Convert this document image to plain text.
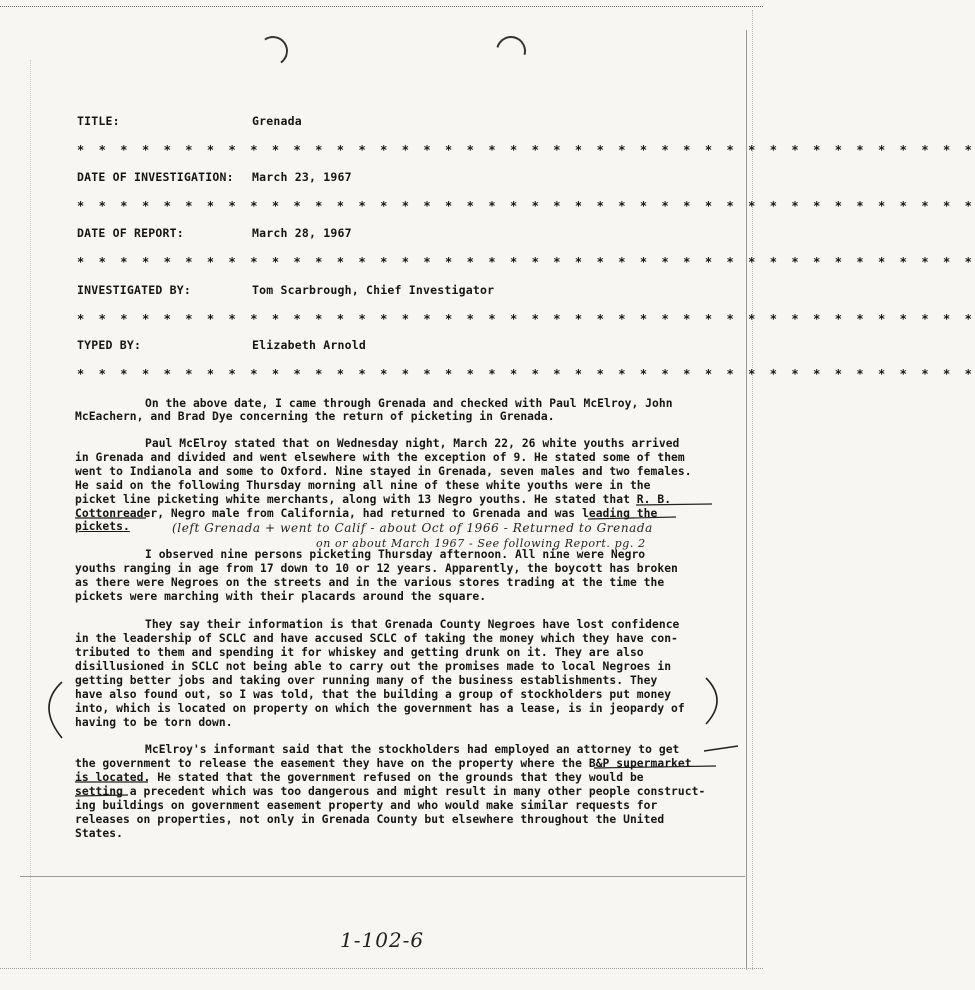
TITLE:	Grenada
* * * * * * * * * * * * * * * * * * * * * * * * * * * * * * * * * * * * * * * * * *
DATE OF INVESTIGATION: March 23, 1967
* * * * * * * * * * * * * * * * * * * * * * * * * * * * * * * * * * * * * * * * * *
DATE OF REPORT:	March 28, 1967
* * * * * * * * * * * * * * * * * * * * * * * * * * * * * * * * * * * * * * * * * *
INVESTIGATED BY:	Tom Scarbrough, Chief Investigator
* * * * * * * * * * * * * * * * * * * * * * * * * * * * * * * * * * * * * * * * * *
TYPED BY:	Elizabeth Arnold
* * * * * * * * * * * * * * * * * * * * * * * * * * * * * * * * * * * * * * * * * *
On the above date, I came through Grenada and checked with Paul McElroy, John
McEachern, and Brad Dye concerning the return of picketing in Grenada.
Paul McElroy stated that on Wednesday night, March 22, 26 white youths arrived
in Grenada and divided and went elsewhere with the exception of 9. He stated some of them
went to Indianola and some to Oxford. Nine stayed in Grenada, seven males and two females.
He said on the following Thursday morning all nine of these white youths were in the
picket line picketing white merchants, along with 13 Negro youths. He stated that R. B.
Cottonreader, Negro male from California, had returned to Grenada and was leading the
pickets.	(left Grenada + went to Calif - about Oct of 1966 - Returned to Grenada
on or about March 1967 - See following Report. pg. 2
I observed nine persons picketing Thursday afternoon. All nine were Negro
youths ranging in age from 17 down to 10 or 12 years. Apparently, the boycott has broken
as there were Negroes on the streets and in the various stores trading at the time the
pickets were marching with their placards around the square.
They say their information is that Grenada County Negroes have lost confidence
in the leadership of SCLC and have accused SCLC of taking the money which they have con-
tributed to them and spending it for whiskey and getting drunk on it. They are also
disillusioned in SCLC not being able to carry out the promises made to local Negroes in
getting better jobs and taking over running many of the business establishments. They
have also found out, so I was told, that the building a group of stockholders put money
into, which is located on property on which the government has a lease, is in jeopardy of
having to be torn down.
McElroy's informant said that the stockholders had employed an attorney to get
the government to release the easement they have on the property where the B&P supermarket
is located. He stated that the government refused on the grounds that they would be
setting a precedent which was too dangerous and might result in many other people construct-
ing buildings on government easement property and who would make similar requests for
releases on properties, not only in Grenada County but elsewhere throughout the United
States.
1-102-6
